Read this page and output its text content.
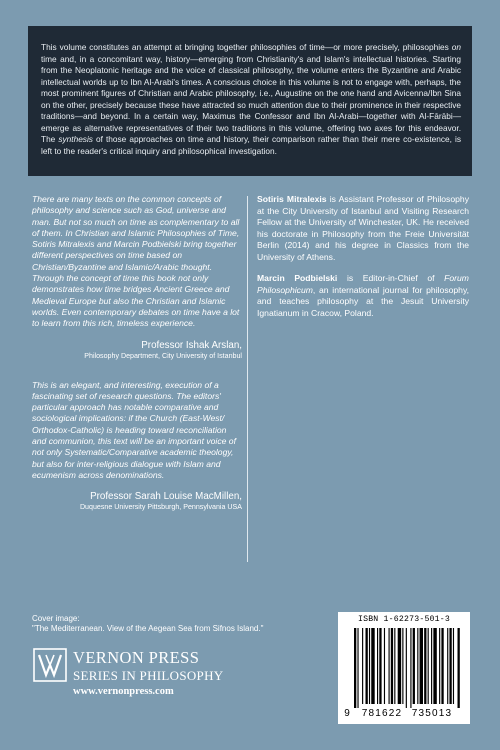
This volume constitutes an attempt at bringing together philosophies of time—or more precisely, philosophies on time and, in a concomitant way, history—emerging from Christianity's and Islam's intellectual histories. Starting from the Neoplatonic heritage and the voice of classical philosophy, the volume enters the Byzantine and Arabic intellectual worlds up to Ibn Al-Arabi's times. A conscious choice in this volume is not to engage with, perhaps, the most prominent figures of Christian and Arabic philosophy, i.e., Augustine on the one hand and Avicenna/Ibn Sina on the other, precisely because these have attracted so much attention due to their prominence in their respective traditions—and beyond. In a certain way, Maximus the Confessor and Ibn Al-Arabi—together with Al-Fārābi—emerge as alternative representatives of their two traditions in this volume, offering two axes for this endeavor. The synthesis of those approaches on time and history, their comparison rather than their mere co-existence, is left to the reader's critical inquiry and philosophical investigation.

There are many texts on the common concepts of philosophy and science such as God, universe and man. But not so much on time as complementary to all of them. In Christian and Islamic Philosophies of Time, Sotiris Mitralexis and Marcin Podbielski bring together different perspectives on time based on Christian/Byzantine and Islamic/Arabic thought. Through the concept of time this book not only demonstrates how time bridges Ancient Greece and Medieval Europe but also the Christian and Islamic worlds. Even contemporary debates on time have a lot to learn from this rich, timeless experience.

Professor Ishak Arslan,
Philosophy Department, City University of Istanbul

This is an elegant, and interesting, execution of a fascinating set of research questions. The editors' particular approach has notable comparative and sociological implications: if the Church (East-West/ Orthodox-Catholic) is heading toward reconciliation and communion, this text will be an important voice of not only Systematic/Comparative academic theology, but also for inter-religious dialogue with Islam and ecumenism across denominations.

Professor Sarah Louise MacMillen,
Duquesne University Pittsburgh, Pennsylvania USA

Sotiris Mitralexis is Assistant Professor of Philosophy at the City University of Istanbul and Visiting Research Fellow at the University of Winchester, UK. He received his doctorate in Philosophy from the Freie Universität Berlin (2014) and his degree in Classics from the University of Athens.

Marcin Podbielski is Editor-in-Chief of Forum Philosophicum, an international journal for philosophy, and teaches philosophy at the Jesuit University Ignatianum in Cracow, Poland.

Cover image:
"The Mediterranean. View of the Aegean Sea from Sifnos Island."
VERNON PRESS
SERIES IN PHILOSOPHY
www.vernonpress.com
ISBN 1-62273-501-3
9 781622 735013
